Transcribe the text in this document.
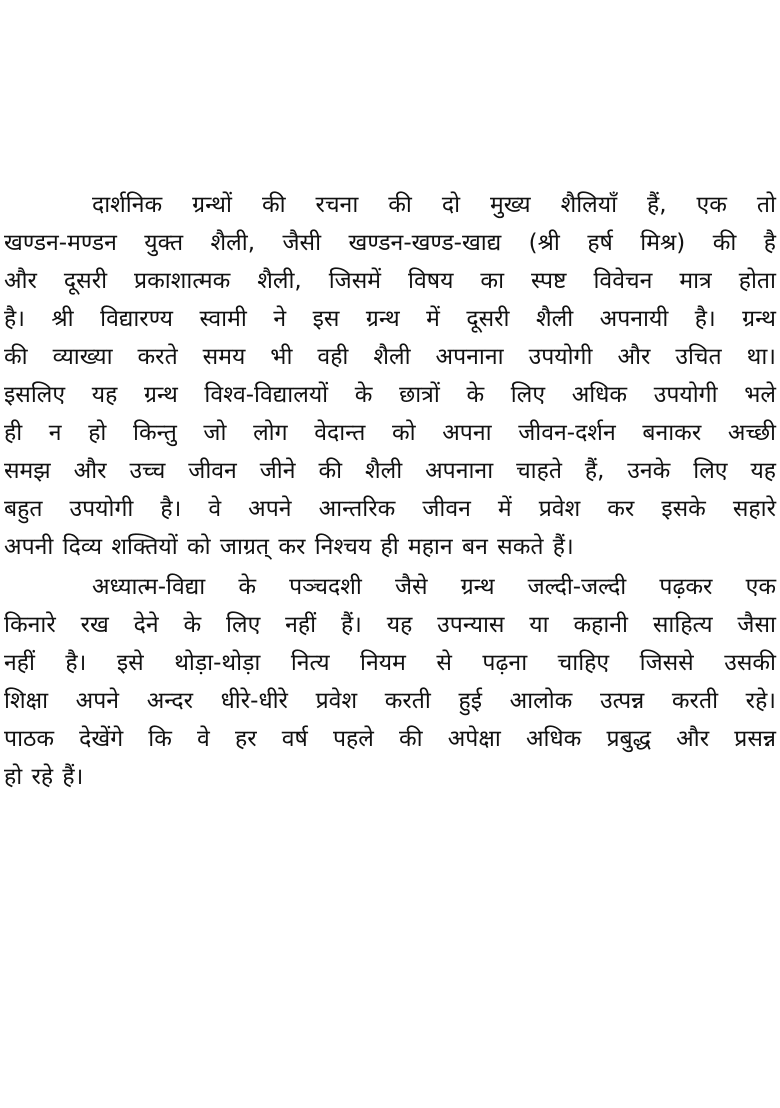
दार्शनिक ग्रन्थों की रचना की दो मुख्य शैलियाँ हैं, एक तो
खण्डन-मण्डन युक्त शैली, जैसी खण्डन-खण्ड-खाद्य (श्री हर्ष मिश्र) की है
और दूसरी प्रकाशात्मक शैली, जिसमें विषय का स्पष्ट विवेचन मात्र होता
है। श्री विद्यारण्य स्वामी ने इस ग्रन्थ में दूसरी शैली अपनायी है। ग्रन्थ
की व्याख्या करते समय भी वही शैली अपनाना उपयोगी और उचित था।
इसलिए यह ग्रन्थ विश्व-विद्यालयों के छात्रों के लिए अधिक उपयोगी भले
ही न हो किन्तु जो लोग वेदान्त को अपना जीवन-दर्शन बनाकर अच्छी
समझ और उच्च जीवन जीने की शैली अपनाना चाहते हैं, उनके लिए यह
बहुत उपयोगी है। वे अपने आन्तरिक जीवन में प्रवेश कर इसके सहारे
अपनी दिव्य शक्तियों को जाग्रत् कर निश्चय ही महान बन सकते हैं।
अध्यात्म-विद्या के पञ्चदशी जैसे ग्रन्थ जल्दी-जल्दी पढ़कर एक
किनारे रख देने के लिए नहीं हैं। यह उपन्यास या कहानी साहित्य जैसा
नहीं है। इसे थोड़ा-थोड़ा नित्य नियम से पढ़ना चाहिए जिससे उसकी
शिक्षा अपने अन्दर धीरे-धीरे प्रवेश करती हुई आलोक उत्पन्न करती रहे।
पाठक देखेंगे कि वे हर वर्ष पहले की अपेक्षा अधिक प्रबुद्ध और प्रसन्न
हो रहे हैं।
